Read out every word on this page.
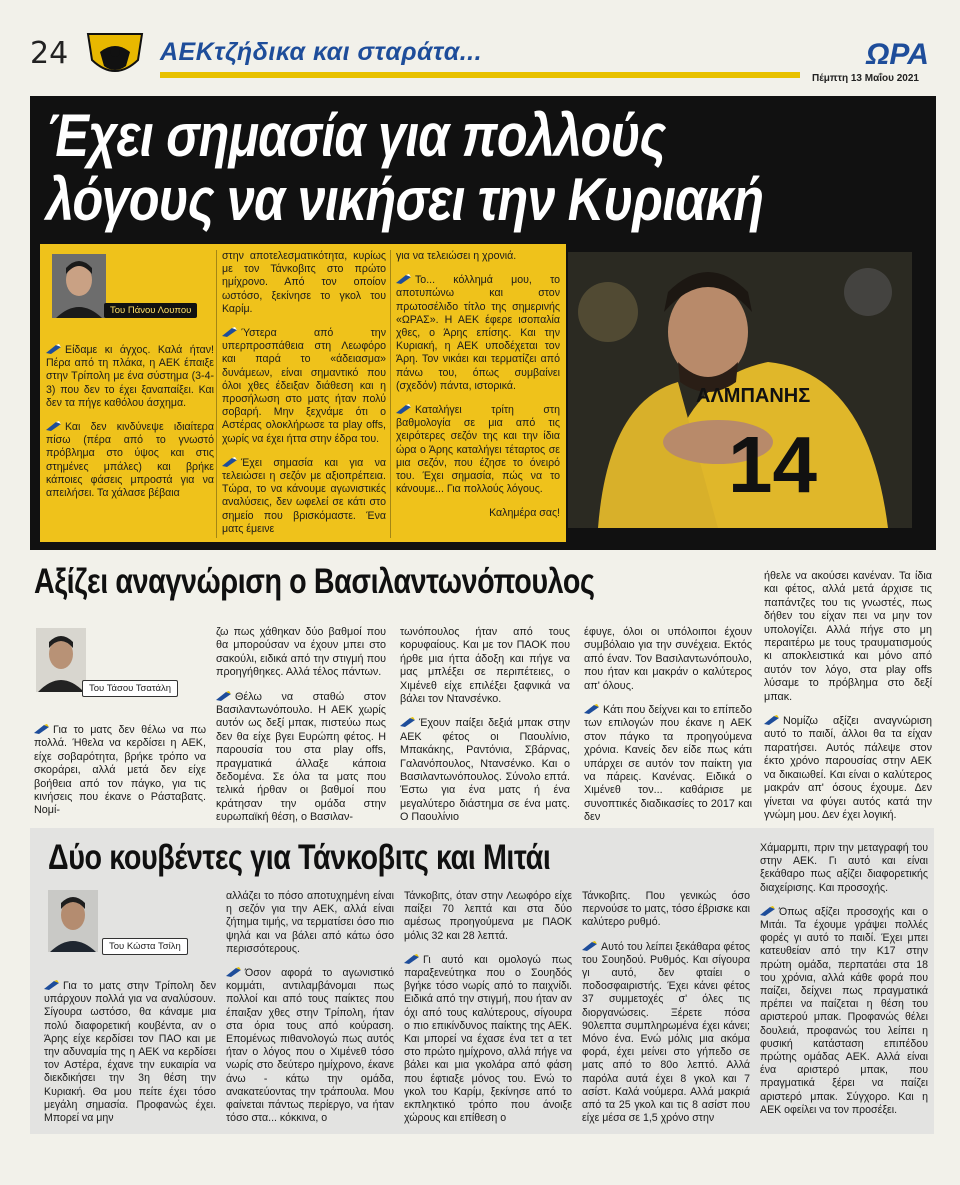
24	ΑΕΚτζήδικα και σταράτα...	ΩΡΑ
Πέμπτη 13 Μαΐου 2021
Έχει σημασία για πολλούς
λόγους να νικήσει την Κυριακή
Του Πάνου Λουπου

Είδαμε κι άγχος. Καλά ήταν! Πέρα από τη πλάκα, η ΑΕΚ έπαιξε στην Τρίπολη με ένα σύστημα (3-4-3) που δεν το έχει ξαναπαίξει. Και δεν τα πήγε καθόλου άσχημα.

Και δεν κινδύνεψε ιδιαίτερα πίσω (πέρα από το γνωστό πρόβλημα στο ύψος και στις στημένες μπάλες) και βρήκε κάποιες φάσεις μπροστά για να απειλήσει. Τα χάλασε βέβαια

στην αποτελεσματικότητα, κυρίως με τον Τάνκοβιτς στο πρώτο ημίχρονο. Από τον οποίον ωστόσο, ξεκίνησε το γκολ του Καρίμ.

Ύστερα από την υπερπροσπάθεια στη Λεωφόρο και παρά το «άδειασμα» δυνάμεων, είναι σημαντικό που όλοι χθες έδειξαν διάθεση και η προσήλωση στο ματς ήταν πολύ σοβαρή. Μην ξεχνάμε ότι ο Αστέρας ολοκλήρωσε τα play offs, χωρίς να έχει ήττα στην έδρα του.

Έχει σημασία και για να τελειώσει η σεζόν με αξιοπρέπεια. Τώρα, το να κάνουμε αγωνιστικές αναλύσεις, δεν ωφελεί σε κάτι στο σημείο που βρισκόμαστε. Ένα ματς έμεινε

για να τελειώσει η χρονιά.

Το... κόλλημά μου, το αποτυπώνω και στον πρωτοσέλιδο τίτλο της σημερινής «ΩΡΑΣ». Η ΑΕΚ έφερε ισοπαλία χθες, ο Άρης επίσης. Και την Κυριακή, η ΑΕΚ υποδέχεται τον Άρη. Τον νικάει και τερματίζει από πάνω του, όπως συμβαίνει (σχεδόν) πάντα, ιστορικά.

Καταλήγει τρίτη στη βαθμολογία σε μια από τις χειρότερες σεζόν της και την ίδια ώρα ο Άρης καταλήγει τέταρτος σε μια σεζόν, που έζησε το όνειρό του. Έχει σημασία, πώς να το κάνουμε... Για πολλούς λόγους.

Καλημέρα σας!

ΑΛΜΠΑΝΗΣ
14
Αξίζει αναγνώριση ο Βασιλαντωνόπουλος
Του Τάσου Τσατάλη

Για το ματς δεν θέλω να πω πολλά. Ήθελα να κερδίσει η ΑΕΚ, είχε σοβαρότητα, βρήκε τρόπο να σκοράρει, αλλά μετά δεν είχε βοήθεια από τον πάγκο, για τις κινήσεις που έκανε ο Ράσταβατς. Νομί-

ζω πως χάθηκαν δύο βαθμοί που θα μπορούσαν να έχουν μπει στο σακούλι, ειδικά από την στιγμή που προηγήθηκες. Αλλά τέλος πάντων.

Θέλω να σταθώ στον Βασιλαντωνόπουλο. Η ΑΕΚ χωρίς αυτόν ως δεξί μπακ, πιστεύω πως δεν θα είχε βγει Ευρώπη φέτος. Η παρουσία του στα play offs, πραγματικά άλλαξε κάποια δεδομένα. Σε όλα τα ματς που τελικά ήρθαν οι βαθμοί που κράτησαν την ομάδα στην ευρωπαϊκή θέση, ο Βασιλαν-

τωνόπουλος ήταν από τους κορυφαίους. Και με τον ΠΑΟΚ που ήρθε μια ήττα άδοξη και πήγε να μας μπλέξει σε περιπέτειες, ο Χιμένεθ είχε επιλέξει ξαφνικά να βάλει τον Ντανσένκο.

Έχουν παίξει δεξιά μπακ στην ΑΕΚ φέτος οι Παουλίνιο, Μπακάκης, Ραντόνια, Σβάρνας, Γαλανόπουλος, Ντανσένκο. Και ο Βασιλαντωνόπουλος. Σύνολο επτά. Έστω για ένα ματς ή ένα μεγαλύτερο διάστημα σε ένα ματς. Ο Παουλίνιο

έφυγε, όλοι οι υπόλοιποι έχουν συμβόλαιο για την συνέχεια. Εκτός από έναν. Τον Βασιλαντωνόπουλο, που ήταν και μακράν ο καλύτερος απ' όλους.

Κάτι που δείχνει και το επίπεδο των επιλογών που έκανε η ΑΕΚ στον πάγκο τα προηγούμενα χρόνια. Κανείς δεν είδε πως κάτι υπάρχει σε αυτόν τον παίκτη για να πάρεις. Κανένας. Ειδικά ο Χιμένεθ τον... καθάρισε με συνοπτικές διαδικασίες το 2017 και δεν

ήθελε να ακούσει κανέναν. Τα ίδια και φέτος, αλλά μετά άρχισε τις παπάντζες του τις γνωστές, πως δήθεν του είχαν πει να μην τον υπολογίζει. Αλλά πήγε στο μη περαιτέρω με τους τραυματισμούς κι αποκλειστικά και μόνο από αυτόν τον λόγο, στα play offs λύσαμε το πρόβλημα στο δεξί μπακ.

Νομίζω αξίζει αναγνώριση αυτό το παιδί, άλλοι θα τα είχαν παρατήσει. Αυτός πάλεψε στον έκτο χρόνο παρουσίας στην ΑΕΚ να δικαιωθεί. Και είναι ο καλύτερος μακράν απ' όσους έχουμε. Δεν γίνεται να φύγει αυτός κατά την γνώμη μου. Δεν έχει λογική.

Δύο κουβέντες για Τάνκοβιτς και Μιτάι
Του Κώστα Τσίλη

Για το ματς στην Τρίπολη δεν υπάρχουν πολλά για να αναλύσουν. Σίγουρα ωστόσο, θα κάναμε μια πολύ διαφορετική κουβέντα, αν ο Άρης είχε κερδίσει τον ΠΑΟ και με την αδυναμία της η ΑΕΚ να κερδίσει τον Αστέρα, έχανε την ευκαιρία να διεκδικήσει την 3η θέση την Κυριακή. Θα μου πείτε έχει τόσο μεγάλη σημασία. Προφανώς έχει. Μπορεί να μην

αλλάζει το πόσο αποτυχημένη είναι η σεζόν για την ΑΕΚ, αλλά είναι ζήτημα τιμής, να τερματίσει όσο πιο ψηλά και να βάλει από κάτω όσο περισσότερους.

Όσον αφορά το αγωνιστικό κομμάτι, αντιλαμβάνομαι πως πολλοί και από τους παίκτες που έπαιξαν χθες στην Τρίπολη, ήταν στα όρια τους από κούραση. Επομένως πιθανολογώ πως αυτός ήταν ο λόγος που ο Χιμένεθ τόσο νωρίς στο δεύτερο ημίχρονο, έκανε άνω - κάτω την ομάδα, ανακατεύοντας την τράπουλα. Μου φαίνεται πάντως περίεργο, να ήταν τόσο στα... κόκκινα, ο

Τάνκοβιτς, όταν στην Λεωφόρο είχε παίξει 70 λεπτά και στα δύο αμέσως προηγούμενα με ΠΑΟΚ μόλις 32 και 28 λεπτά.

Γι αυτό και ομολογώ πως παραξενεύτηκα που ο Σουηδός βγήκε τόσο νωρίς από το παιχνίδι. Ειδικά από την στιγμή, που ήταν αν όχι από τους καλύτερους, σίγουρα ο πιο επικίνδυνος παίκτης της ΑΕΚ. Και μπορεί να έχασε ένα τετ α τετ στο πρώτο ημίχρονο, αλλά πήγε να βάλει και μια γκολάρα από φάση που έφτιαξε μόνος του. Ενώ το γκολ του Καρίμ, ξεκίνησε από το εκπληκτικό τρόπο που άνοιξε χώρους και επίθεση ο

Τάνκοβιτς. Που γενικώς όσο περνούσε το ματς, τόσο έβρισκε και καλύτερο ρυθμό.

Αυτό του λείπει ξεκάθαρα φέτος του Σουηδού. Ρυθμός. Και σίγουρα γι αυτό, δεν φταίει ο ποδοσφαιριστής. Έχει κάνει φέτος 37 συμμετοχές σ' όλες τις διοργανώσεις. Ξέρετε πόσα 90λεπτα συμπληρωμένα έχει κάνει; Μόνο ένα. Ενώ μόλις μια ακόμα φορά, έχει μείνει στο γήπεδο σε ματς από το 80ο λεπτό. Αλλά παρόλα αυτά έχει 8 γκολ και 7 ασίστ. Καλά νούμερα. Αλλά μακριά από τα 25 γκολ και τις 8 ασίστ που είχε μέσα σε 1,5 χρόνο στην

Χάμαρμπι, πριν την μεταγραφή του στην ΑΕΚ. Γι αυτό και είναι ξεκάθαρο πως αξίζει διαφορετικής διαχείρισης. Και προσοχής.

Όπως αξίζει προσοχής και ο Μιτάι. Τα έχουμε γράψει πολλές φορές γι αυτό το παιδί. Έχει μπει κατευθείαν από την Κ17 στην πρώτη ομάδα, περπατάει στα 18 του χρόνια, αλλά κάθε φορά που παίζει, δείχνει πως πραγματικά πρέπει να παίζεται η θέση του αριστερού μπακ. Προφανώς θέλει δουλειά, προφανώς του λείπει η φυσική κατάσταση επιπέδου πρώτης ομάδας ΑΕΚ. Αλλά είναι ένα αριστερό μπακ, που πραγματικά ξέρει να παίζει αριστερό μπακ. Σύγχορο. Και η ΑΕΚ οφείλει να τον προσέξει.
